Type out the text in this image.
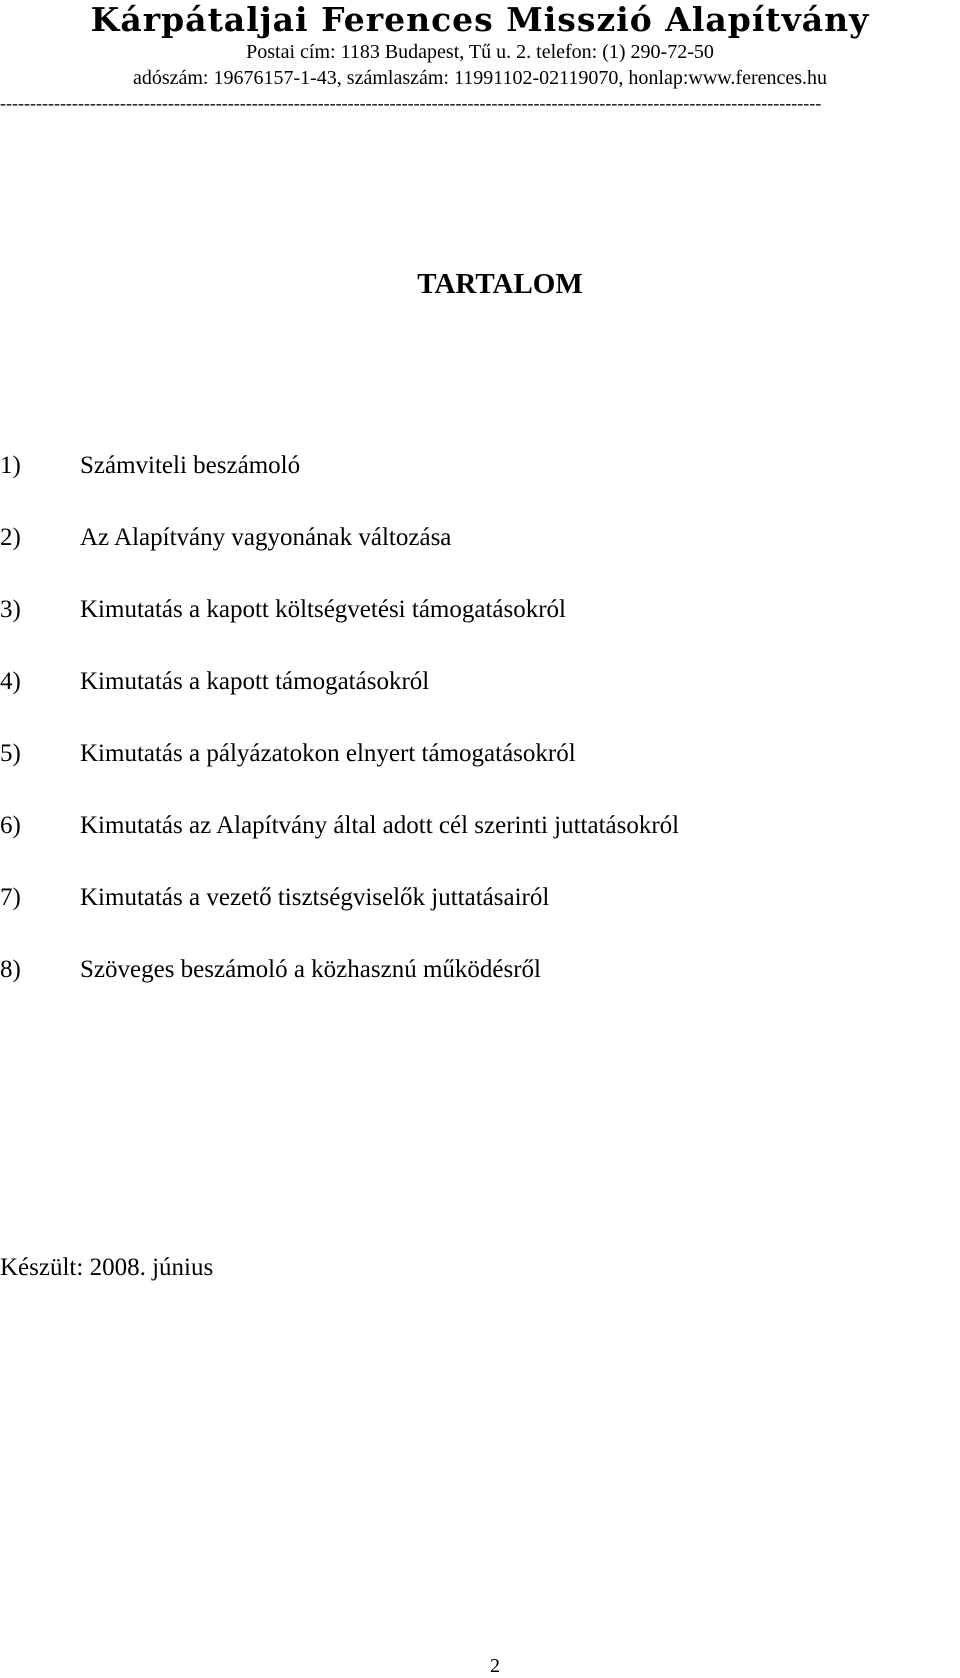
Kárpátaljai Ferences Misszió Alapítvány
Postai cím: 1183 Budapest, Tű u. 2. telefon: (1) 290-72-50
adószám: 19676157-1-43, számlaszám: 11991102-02119070, honlap:www.ferences.hu
-----------------------------------------------------------------------------------------------------------------------------------------
TARTALOM
1) Számviteli beszámoló
2) Az Alapítvány vagyonának változása
3) Kimutatás a kapott költségvetési támogatásokról
4) Kimutatás a kapott támogatásokról
5) Kimutatás a pályázatokon elnyert támogatásokról
6) Kimutatás az Alapítvány által adott cél szerinti juttatásokról
7) Kimutatás a vezető tisztségviselők juttatásairól
8) Szöveges beszámoló a közhasznú működésről
Készült: 2008. június
2
